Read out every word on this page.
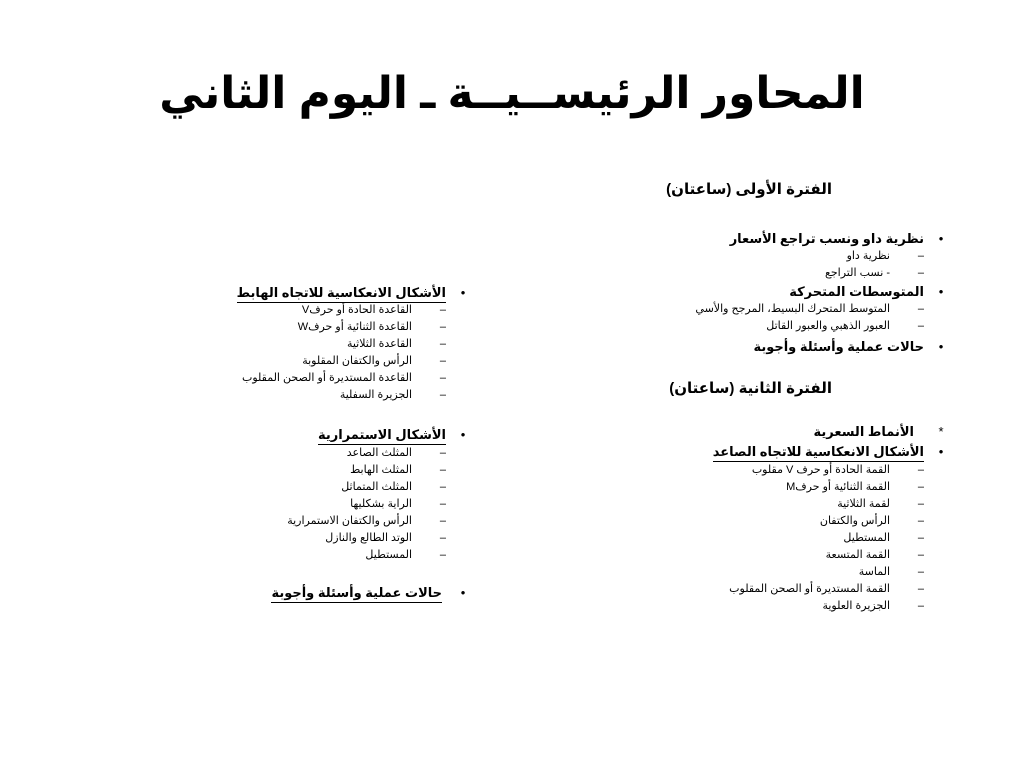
المحاور الرئيســيــة ـ اليوم الثاني
الفترة الأولى (ساعتان)
•
نظرية داو ونسب تراجع الأسعار
–
نظرية داو
–
- نسب التراجع
•
المتوسطات المتحركة
–
المتوسط المتحرك البسيط، المرجح والأسي
–
العبور الذهبي والعبور القاتل
•
حالات عملية وأسئلة وأجوبة
الفترة الثانية (ساعتان)
*
الأنماط السعرية
•
الأشكال الانعكاسية للاتجاه الصاعد
–
القمة الحادة أو حرف V مقلوب
–
القمة الثنائية أو حرفM
–
لقمة الثلاثية
–
الرأس والكتفان
–
المستطيل
–
القمة المتسعة
–
الماسة
–
القمة المستديرة أو الصحن المقلوب
–
الجزيرة العلوية
•
الأشكال الانعكاسية للاتجاه الهابط
–
القاعدة الحادة أو حرفV
–
القاعدة الثنائية أو حرفW
–
القاعدة الثلاثية
–
الرأس والكتفان المقلوبة
–
القاعدة المستديرة أو الصحن المقلوب
–
الجزيرة السفلية
•
الأشكال الاستمرارية
–
المثلث الصاعد
–
المثلث الهابط
–
المثلث المتماثل
–
الراية بشكليها
–
الرأس والكتفان الاستمرارية
–
الوتد الطالع والنازل
–
المستطيل
•
حالات عملية وأسئلة وأجوبة
